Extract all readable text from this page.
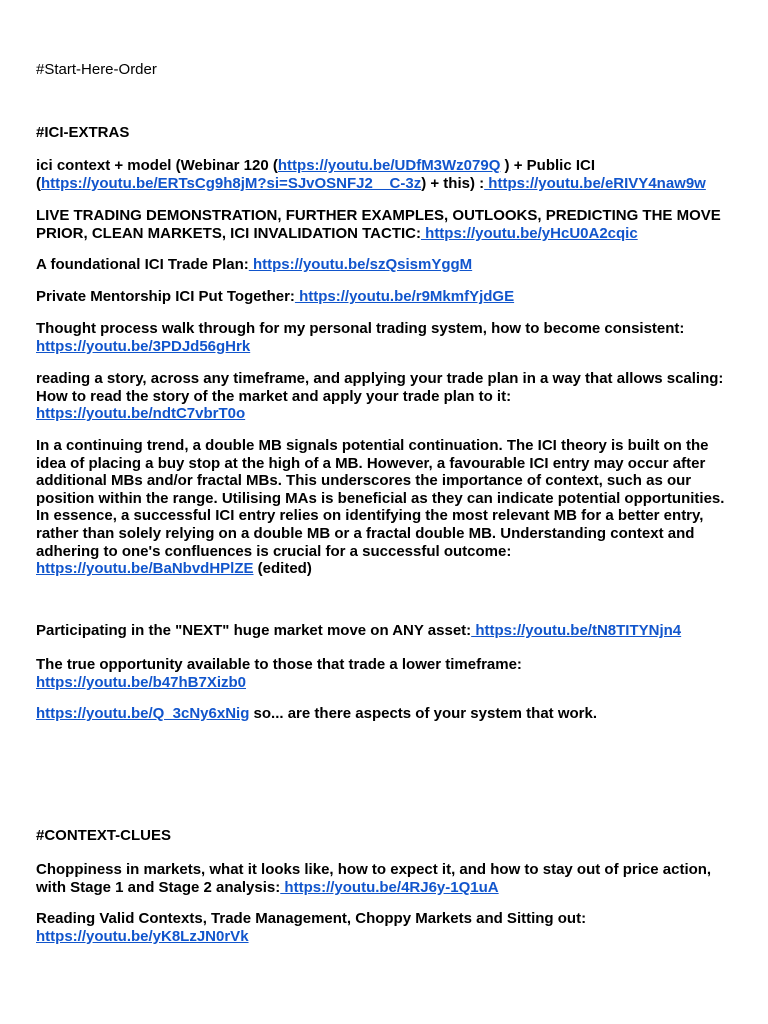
#Start-Here-Order

#ICI-EXTRAS

ici context + model (Webinar 120 (https://youtu.be/UDfM3Wz079Q ) + Public ICI
(https://youtu.be/ERTsCg9h8jM?si=SJvOSNFJ2__C-3z) + this) : https://youtu.be/eRIVY4naw9w

LIVE TRADING DEMONSTRATION, FURTHER EXAMPLES, OUTLOOKS, PREDICTING THE MOVE PRIOR, CLEAN MARKETS, ICI INVALIDATION TACTIC: https://youtu.be/yHcU0A2cqic

A foundational ICI Trade Plan: https://youtu.be/szQsismYggM

Private Mentorship ICI Put Together: https://youtu.be/r9MkmfYjdGE

Thought process walk through for my personal trading system, how to become consistent:
https://youtu.be/3PDJd56gHrk

reading a story, across any timeframe, and applying your trade plan in a way that allows scaling: How to read the story of the market and apply your trade plan to it:
https://youtu.be/ndtC7vbrT0o

In a continuing trend, a double MB signals potential continuation. The ICI theory is built on the idea of placing a buy stop at the high of a MB. However, a favourable ICI entry may occur after additional MBs and/or fractal MBs. This underscores the importance of context, such as our position within the range. Utilising MAs is beneficial as they can indicate potential opportunities. In essence, a successful ICI entry relies on identifying the most relevant MB for a better entry, rather than solely relying on a double MB or a fractal double MB. Understanding context and adhering to one's confluences is crucial for a successful outcome:
https://youtu.be/BaNbvdHPlZE (edited)

Participating in the "NEXT" huge market move on ANY asset: https://youtu.be/tN8TITYNjn4

The true opportunity available to those that trade a lower timeframe:
https://youtu.be/b47hB7Xizb0

https://youtu.be/Q_3cNy6xNig so... are there aspects of your system that work.

#CONTEXT-CLUES

Choppiness in markets, what it looks like, how to expect it, and how to stay out of price action, with Stage 1 and Stage 2 analysis: https://youtu.be/4RJ6y-1Q1uA

Reading Valid Contexts, Trade Management, Choppy Markets and Sitting out:
https://youtu.be/yK8LzJN0rVk
